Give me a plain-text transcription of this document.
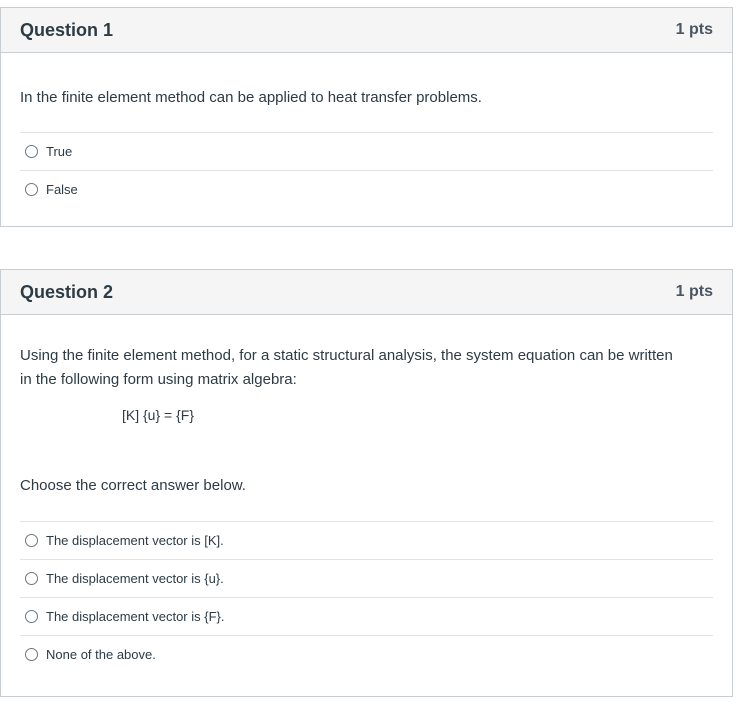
Question 1	1 pts

In the finite element method can be applied to heat transfer problems.

True
False
Question 2	1 pts

Using the finite element method, for a static structural analysis, the system equation can be written

in the following form using matrix algebra:

[K] {u} = {F}
Choose the correct answer below.
The displacement vector is [K].
The displacement vector is {u}.
The displacement vector is {F}.
None of the above.
